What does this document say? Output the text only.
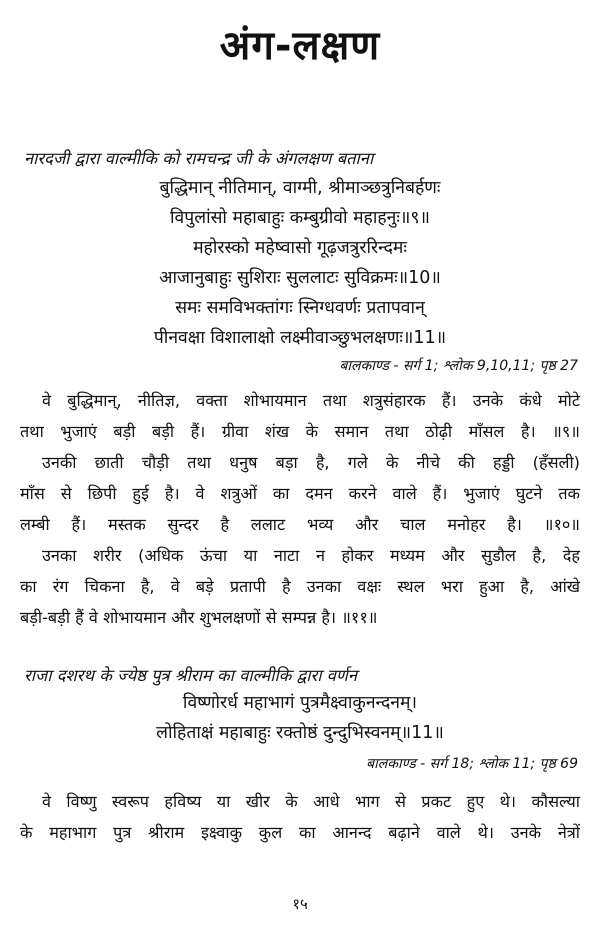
अंग-लक्षण
नारदजी द्वारा वाल्मीकि को रामचन्द्र जी के अंगलक्षण बताना
बुद्धिमान् नीतिमान्, वाग्मी, श्रीमाञ्छत्रुनिबर्हणः
विपुलांसो महाबाहुः कम्बुग्रीवो महाहनुः॥९॥
महोरस्को महेष्वासो गूढ़जत्रुररिन्दमः
आजानुबाहुः सुशिराः सुललाटः सुविक्रमः॥10॥
समः समविभक्तांगः स्निग्धवर्णः प्रतापवान्
पीनवक्षा विशालाक्षो लक्ष्मीवाञ्छुभलक्षणः॥11॥
बालकाण्ड - सर्ग 1; श्लोक 9,10,11; पृष्ठ 27
वे बुद्धिमान्, नीतिज्ञ, वक्ता शोभायमान तथा शत्रुसंहारक हैं। उनके कंधे मोटे
तथा भुजाएं बड़ी बड़ी हैं। ग्रीवा शंख के समान तथा ठोढ़ी माँसल है। ॥९॥
उनकी छाती चौड़ी तथा धनुष बड़ा है, गले के नीचे की हड्डी (हँसली)
माँस से छिपी हुई है। वे शत्रुओं का दमन करने वाले हैं। भुजाएं घुटने तक
लम्बी हैं। मस्तक सुन्दर है ललाट भव्य और चाल मनोहर है। ॥१०॥
उनका शरीर (अधिक ऊंचा या नाटा न होकर मध्यम और सुडौल है, देह
का रंग चिकना है, वे बड़े प्रतापी है उनका वक्षः स्थल भरा हुआ है, आंखे
बड़ी-बड़ी हैं वे शोभायमान और शुभलक्षणों से सम्पन्न है। ॥११॥
राजा दशरथ के ज्येष्ठ पुत्र श्रीराम का वाल्मीकि द्वारा वर्णन
विष्णोरर्ध महाभागं पुत्रमैक्ष्वाकुनन्दनम्।
लोहिताक्षं महाबाहुः रक्तोष्ठं दुन्दुभिस्वनम्॥11॥
बालकाण्ड - सर्ग 18; श्लोक 11; पृष्ठ 69
वे विष्णु स्वरूप हविष्य या खीर के आधे भाग से प्रकट हुए थे। कौसल्या
के महाभाग पुत्र श्रीराम इक्ष्वाकु कुल का आनन्द बढ़ाने वाले थे। उनके नेत्रों
१५
